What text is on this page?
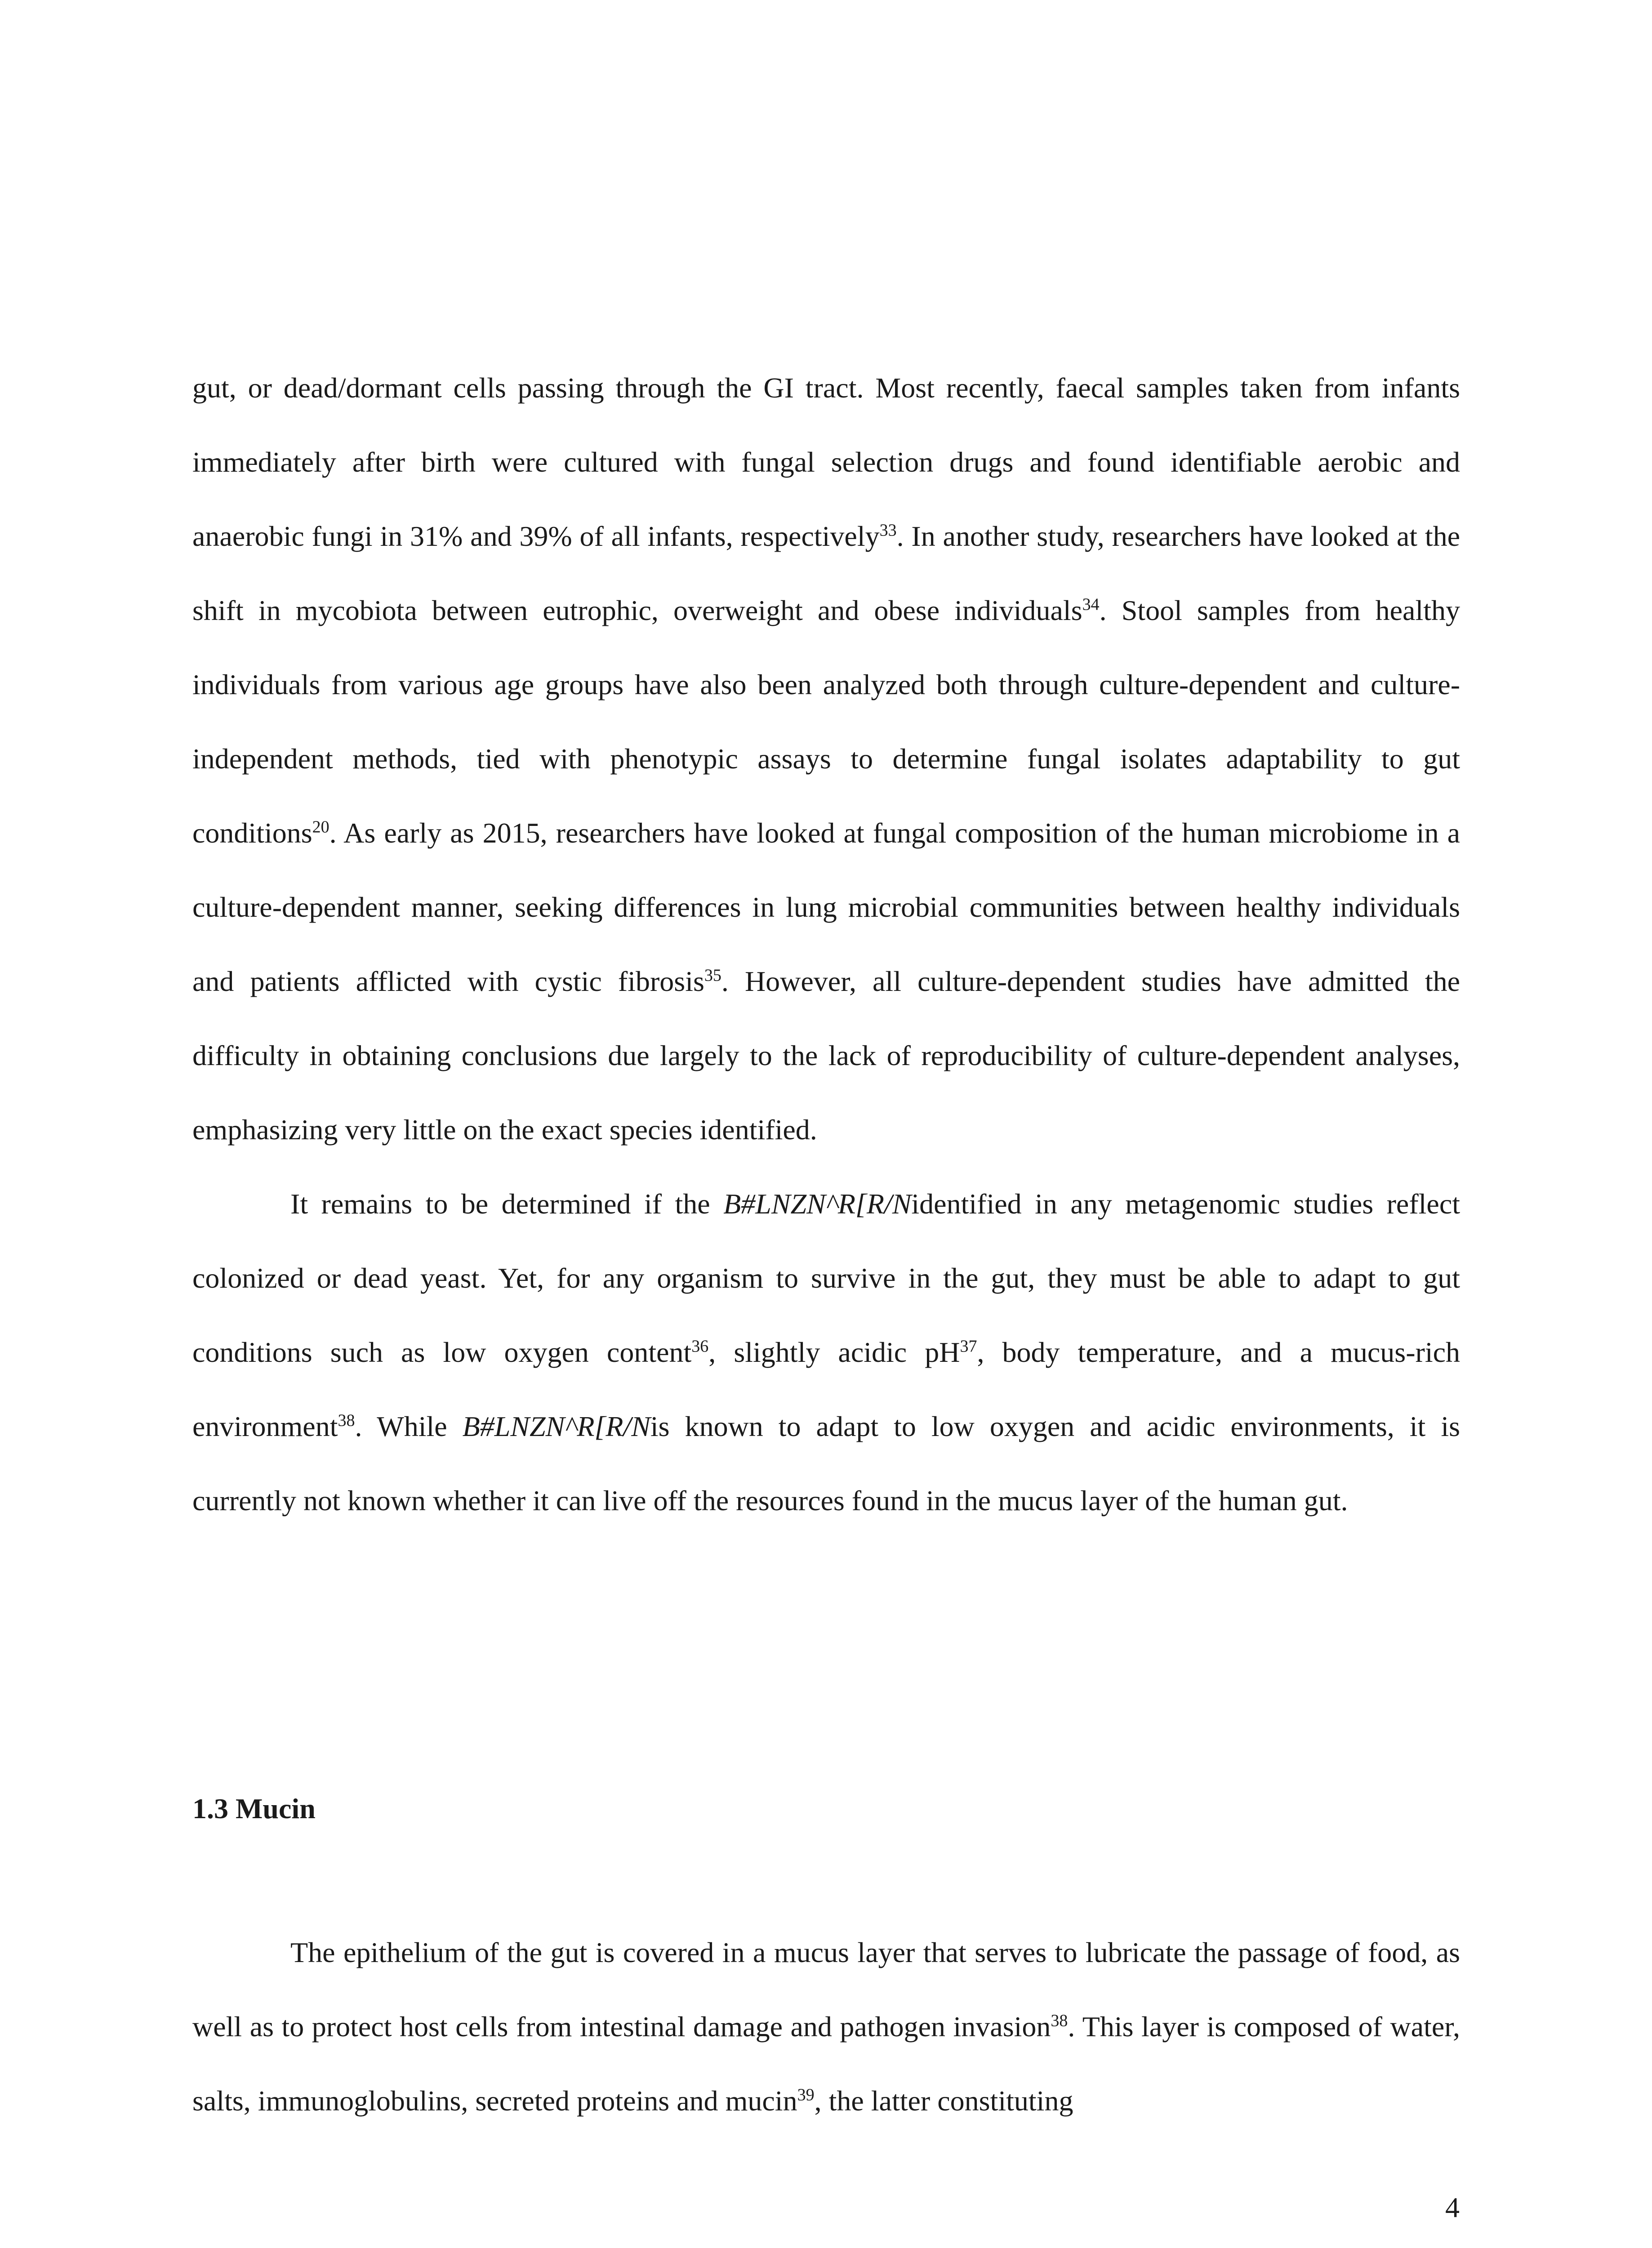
gut, or dead/dormant cells passing through the GI tract. Most recently, faecal samples taken from infants immediately after birth were cultured with fungal selection drugs and found identifiable aerobic and anaerobic fungi in 31% and 39% of all infants, respectively$^{33}$. In another study, researchers have looked at the shift in mycobiota between eutrophic, overweight and obese individuals$^{34}$. Stool samples from healthy individuals from various age groups have also been analyzed both through culture-dependent and culture-independent methods, tied with phenotypic assays to determine fungal isolates adaptability to gut conditions$^{20}$. As early as 2015, researchers have looked at fungal composition of the human microbiome in a culture-dependent manner, seeking differences in lung microbial communities between healthy individuals and patients afflicted with cystic fibrosis$^{35}$. However, all culture-dependent studies have admitted the difficulty in obtaining conclusions due largely to the lack of reproducibility of culture-dependent analyses, emphasizing very little on the exact species identified.

It remains to be determined if the B#LNZN^R[R/Nidentified in any metagenomic studies reflect colonized or dead yeast. Yet, for any organism to survive in the gut, they must be able to adapt to gut conditions such as low oxygen content$^{36}$, slightly acidic $pH^{37}$, body temperature, and a mucus-rich environment$^{38}$. While B#LNZN^R[R/Nis known to adapt to low oxygen and acidic environments, it is currently not known whether it can live off the resources found in the mucus layer of the human gut.

1.3 Mucin

The epithelium of the gut is covered in a mucus layer that serves to lubricate the passage of food, as well as to protect host cells from intestinal damage and pathogen invasion$^{38}$. This layer is composed of water, salts, immunoglobulins, secreted proteins and mucin$^{39}$, the latter constituting

4
